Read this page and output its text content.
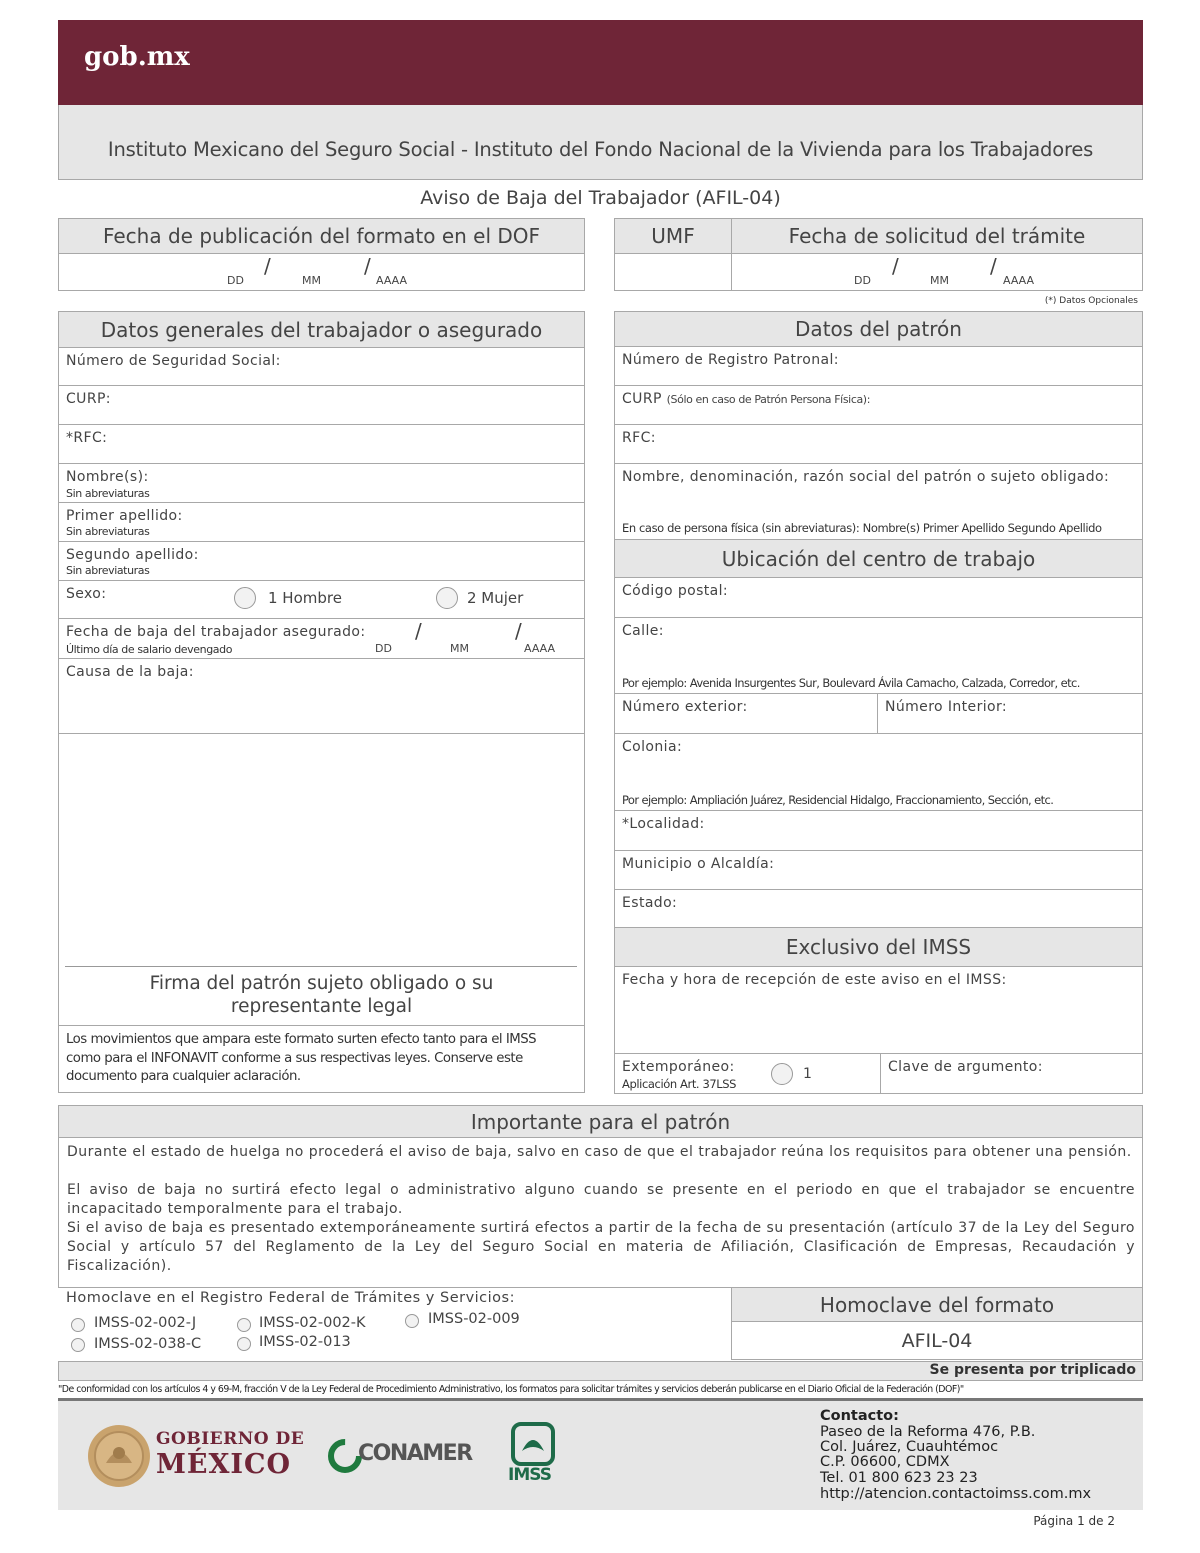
gob.mx
Instituto Mexicano del Seguro Social - Instituto del Fondo Nacional de la Vivienda para los Trabajadores
Aviso de Baja del Trabajador (AFIL-04)
Fecha de publicación del formato en el DOF
DD
/
MM
/
AAAA
UMF	Fecha de solicitud del trámite
DD
/
MM
/
AAAA
(*) Datos Opcionales
Datos generales del trabajador o asegurado
Número de Seguridad Social:
CURP:
*RFC:
Nombre(s):
Sin abreviaturas
Primer apellido:
Sin abreviaturas
Segundo apellido:
Sin abreviaturas
Sexo:	1 Hombre	2 Mujer
Fecha de baja del trabajador asegurado:
Último día de salario devengado
/	/
DD	MM	AAAA
Causa de la baja:
Firma del patrón sujeto obligado o su representante legal
Los movimientos que ampara este formato surten efecto tanto para el IMSS como para el INFONAVIT conforme a sus respectivas leyes. Conserve este documento para cualquier aclaración.
Datos del patrón
Número de Registro Patronal:
CURP (Sólo en caso de Patrón Persona Física):
RFC:
Nombre, denominación, razón social del patrón o sujeto obligado:
En caso de persona física (sin abreviaturas): Nombre(s) Primer Apellido Segundo Apellido
Ubicación del centro de trabajo
Código postal:
Calle:
Por ejemplo: Avenida Insurgentes Sur, Boulevard Ávila Camacho, Calzada, Corredor, etc.
Número exterior:	Número Interior:
Colonia:
Por ejemplo: Ampliación Juárez, Residencial Hidalgo, Fraccionamiento, Sección, etc.
*Localidad:
Municipio o Alcaldía:
Estado:
Exclusivo del IMSS
Fecha y hora de recepción de este aviso en el IMSS:
Extemporáneo:
Aplicación Art. 37LSS
1	Clave de argumento:
Importante para el patrón
Durante el estado de huelga no procederá el aviso de baja, salvo en caso de que el trabajador reúna los requisitos para obtener una pensión.
El aviso de baja no surtirá efecto legal o administrativo alguno cuando se presente en el periodo en que el trabajador se encuentre incapacitado temporalmente para el trabajo.
Si el aviso de baja es presentado extemporáneamente surtirá efectos a partir de la fecha de su presentación (artículo 37 de la Ley del Seguro Social y artículo 57 del Reglamento de la Ley del Seguro Social en materia de Afiliación, Clasificación de Empresas, Recaudación y Fiscalización).
Homoclave en el Registro Federal de Trámites y Servicios:
IMSS-02-002-J	IMSS-02-002-K	IMSS-02-009
IMSS-02-038-C	IMSS-02-013
Homoclave del formato
AFIL-04
Se presenta por triplicado
"De conformidad con los artículos 4 y 69-M, fracción V de la Ley Federal de Procedimiento Administrativo, los formatos para solicitar trámites y servicios deberán publicarse en el Diario Oficial de la Federación (DOF)"
GOBIERNO DE
MÉXICO	CONAMER
IMSS
Contacto:
Paseo de la Reforma 476, P.B.
Col. Juárez, Cuauhtémoc
C.P. 06600, CDMX
Tel. 01 800 623 23 23
http://atencion.contactoimss.com.mx
Página 1 de 2
